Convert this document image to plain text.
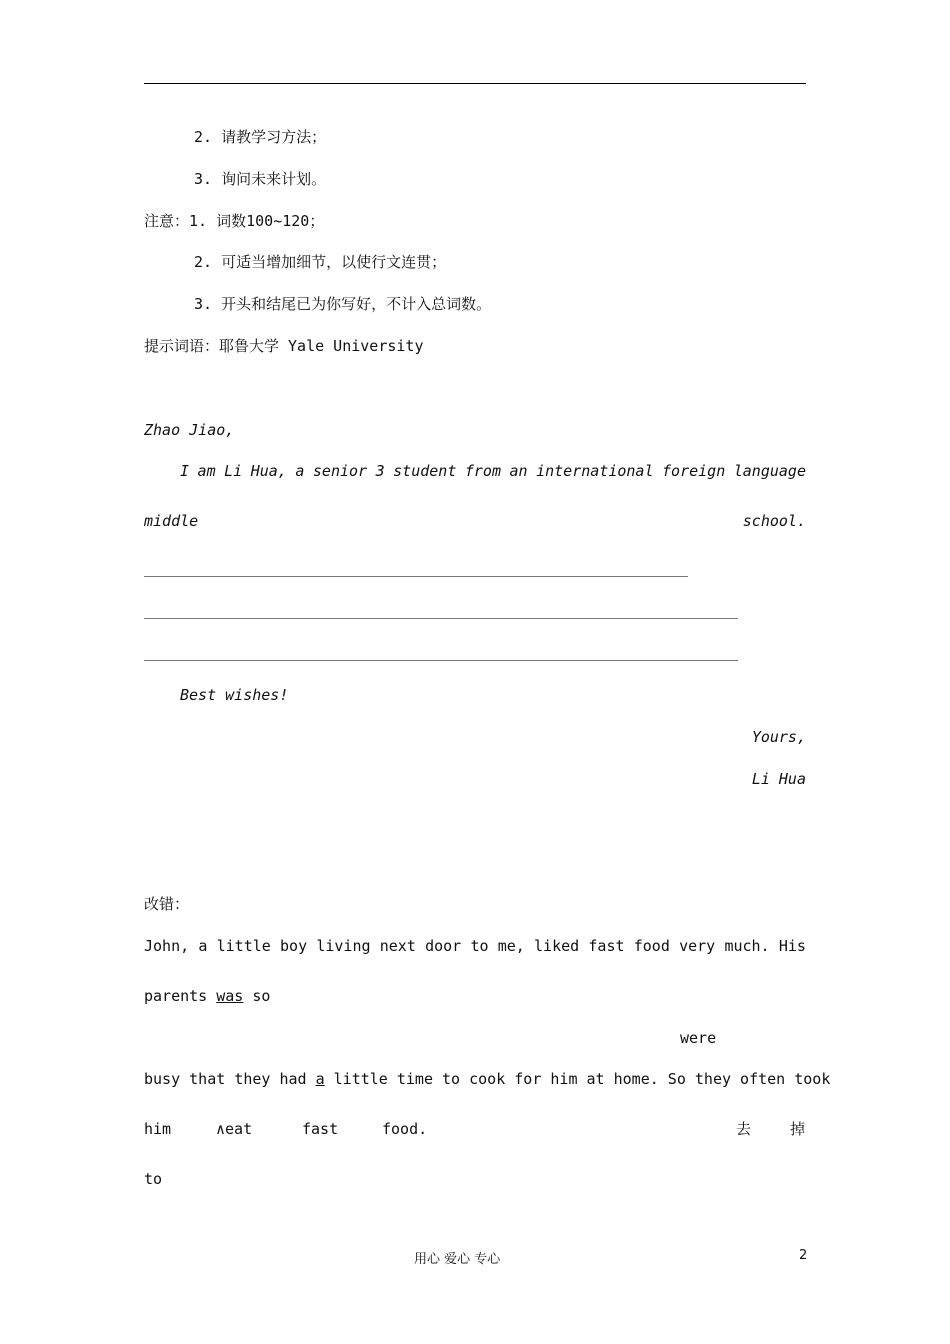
2. 请教学习方法；
3. 询问未来计划。
注意：1. 词数100~120；
2. 可适当增加细节，以使行文连贯；
3. 开头和结尾已为你写好，不计入总词数。
提示词语：耶鲁大学 Yale University
Zhao Jiao,
I am Li Hua, a senior 3 student from an international foreign language
middle	school.
Best wishes!
Yours,
Li Hua
改错：
John, a little boy living next door to me, liked fast food very much. His
parents was so
were
busy that they had a little time to cook for him at home. So they often took
him	∧eat	fast	food.	去	掉
to
用心 爱心 专心	2
